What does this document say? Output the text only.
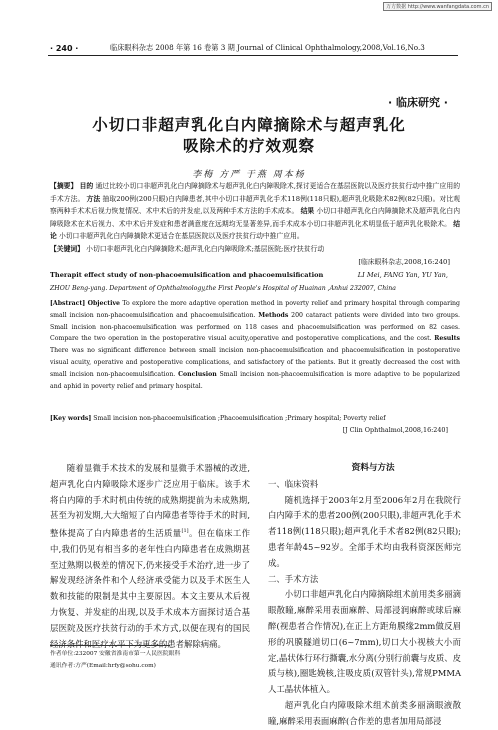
万方数据 http://www.wanfangdata.com.cn
· 240 ·	临床眼科杂志 2008 年第 16 卷第 3 期 Journal of Clinical Ophthalmology,2008,Vol.16,No.3
· 临床研究 ·
小切口非超声乳化白内障摘除术与超声乳化
吸除术的疗效观察
李梅 方严 于燕 周本杨
【摘要】 目的 通过比较小切口非超声乳化白内障摘除术与超声乳化白内障吸除术,探讨更适合在基层医院以及医疗扶贫行动中推广应用的手术方法。 方法 抽取200例(200只眼)白内障患者,其中小切口非超声乳化手术118例(118只眼),超声乳化吸除术82例(82只眼)。对比观察两种手术术后视力恢复情况、术中术后的并发症,以及两种手术方法的手术成本。 结果 小切口非超声乳化白内障摘除术及超声乳化白内障吸除术在术后视力、术中术后并发症和患者满意度在远期均无显著差异,而手术成本小切口非超声乳化术明显低于超声乳化吸除术。 结论 小切口非超声乳化白内障摘除术更适合在基层医院以及医疗扶贫行动中推广应用。
【关键词】 小切口非超声乳化白内障摘除术;超声乳化白内障吸除术;基层医院;医疗扶贫行动
[临床眼科杂志,2008,16:240]
Therapit effect study of non-phacoemulsification and phacoemulsification	LI Mei, FANG Yan, YU Yan,
ZHOU Beng-yang. Department of Ophthalmology,the First People's Hospital of Huainan ,Anhui 232007, China
[Abstract] Objective To explore the more adaptive operation method in poverty relief and primary hospital through comparing small incision non-phacoemulsification and phacoemulsification. Methods 200 cataract patients were divided into two groups. Small incision non-phacoemulsification was performed on 118 cases and phacoemulsification was performed on 82 cases. Compare the two operation in the postoperative visual acuity,operative and postoperative complications, and the cost. Results There was no significant difference between small incision non-phacoemulsification and phacoemulsification in postoperative visual acuity, operative and postoperative complications, and satisfactory of the patients. But it greatly decreased the cost with small incision non-phacoemulsification. Conclusion Small incision non-phacoemulsification is more adaptive to be popularized and aphid in poverty relief and primary hospital.
[Key words] Small incision non-phacoemulsification ;Phacoemulsification ;Primary hospital; Poverty relief
[J Clin Ophthalmol,2008,16:240]

随着显微手术技术的发展和显微手术器械的改进,超声乳化白内障吸除术逐步广泛应用于临床。该手术将白内障的手术时机由传统的成熟期提前为未成熟期,甚至为初发期,大大缩短了白内障患者等待手术的时间,整体提高了白内障患者的生活质量[1]。但在临床工作中,我们仍见有相当多的老年性白内障患者在成熟期甚至过熟期以极差的情况下,仍来接受手术治疗,进一步了解发现经济条件和个人经济承受能力以及手术医生人数和技能的限制是其中主要原因。本文主要从术后视力恢复、并发症的出现,以及手术成本方面探讨适合基层医院及医疗扶贫行动的手术方式,以便在现有的国民经济条件和医疗水平下为更多的患者解除病痛。

资料与方法

一、临床资料

随机选择于2003年2月至2006年2月在我院行白内障手术的患者200例(200只眼),非超声乳化手术者118例(118只眼);超声乳化手术者82例(82只眼);患者年龄45~92岁。全部手术均由我科资深医师完成。

二、手术方法

小切口非超声乳化白内障摘除组术前用类多丽滴眼散瞳,麻醉采用表面麻醉、局部浸润麻醉或球后麻醉(视患者合作情况),在正上方距角膜缘2mm做反眉形的巩膜隧道切口(6~7mm),切口大小视核大小而定,晶状体行环行撕囊,水分离(分别行前囊与皮质、皮质与核),圈匙娩核,注吸皮质(双管针头),常规PMMA人工晶状体植入。

超声乳化白内障吸除术组术前类多丽滴眼液散瞳,麻醉采用表面麻醉(合作差的患者加用局部浸

作者单位:232007 安徽省淮南市第一人民医院眼科
通讯作者:方严(Email:hrfy@sohu.com)
